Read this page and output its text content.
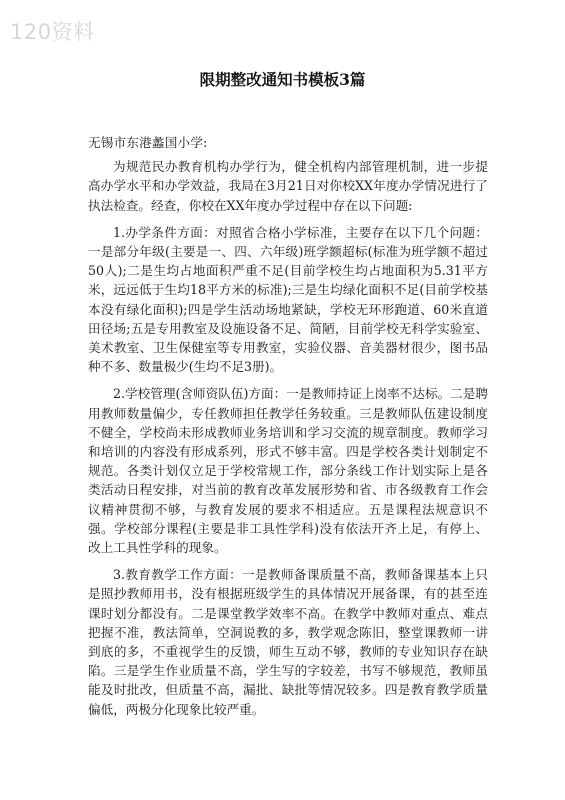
120资料
限期整改通知书模板3篇

无锡市东港蠡国小学:

为规范民办教育机构办学行为，健全机构内部管理机制，进一步提高办学水平和办学效益，我局在3月21日对你校XX年度办学情况进行了执法检查。经查，你校在XX年度办学过程中存在以下问题:

1.办学条件方面：对照省合格小学标准，主要存在以下几个问题：一是部分年级(主要是一、四、六年级)班学额超标(标准为班学额不超过50人);二是生均占地面积严重不足(目前学校生均占地面积为5.31平方米，远远低于生均18平方米的标准);三是生均绿化面积不足(目前学校基本没有绿化面积);四是学生活动场地紧缺，学校无环形跑道、60米直道田径场;五是专用教室及设施设备不足、简陋，目前学校无科学实验室、美术教室、卫生保健室等专用教室，实验仪器、音美器材很少，图书品种不多、数量极少(生均不足3册)。

2.学校管理(含师资队伍)方面：一是教师持证上岗率不达标。二是聘用教师数量偏少，专任教师担任教学任务较重。三是教师队伍建设制度不健全，学校尚未形成教师业务培训和学习交流的规章制度。教师学习和培训的内容没有形成系列，形式不够丰富。四是学校各类计划制定不规范。各类计划仅立足于学校常规工作，部分条线工作计划实际上是各类活动日程安排，对当前的教育改革发展形势和省、市各级教育工作会议精神贯彻不够，与教育发展的要求不相适应。五是课程法规意识不强。学校部分课程(主要是非工具性学科)没有依法开齐上足，有停上、改上工具性学科的现象。

3.教育教学工作方面：一是教师备课质量不高，教师备课基本上只是照抄教师用书，没有根据班级学生的具体情况开展备课，有的甚至连课时划分都没有。二是课堂教学效率不高。在教学中教师对重点、难点把握不准，教法简单，空洞说教的多，教学观念陈旧，整堂课教师一讲到底的多，不重视学生的反馈，师生互动不够，教师的专业知识存在缺陷。三是学生作业质量不高，学生写的字较差，书写不够规范，教师虽能及时批改，但质量不高，漏批、缺批等情况较多。四是教育教学质量偏低，两极分化现象比较严重。
